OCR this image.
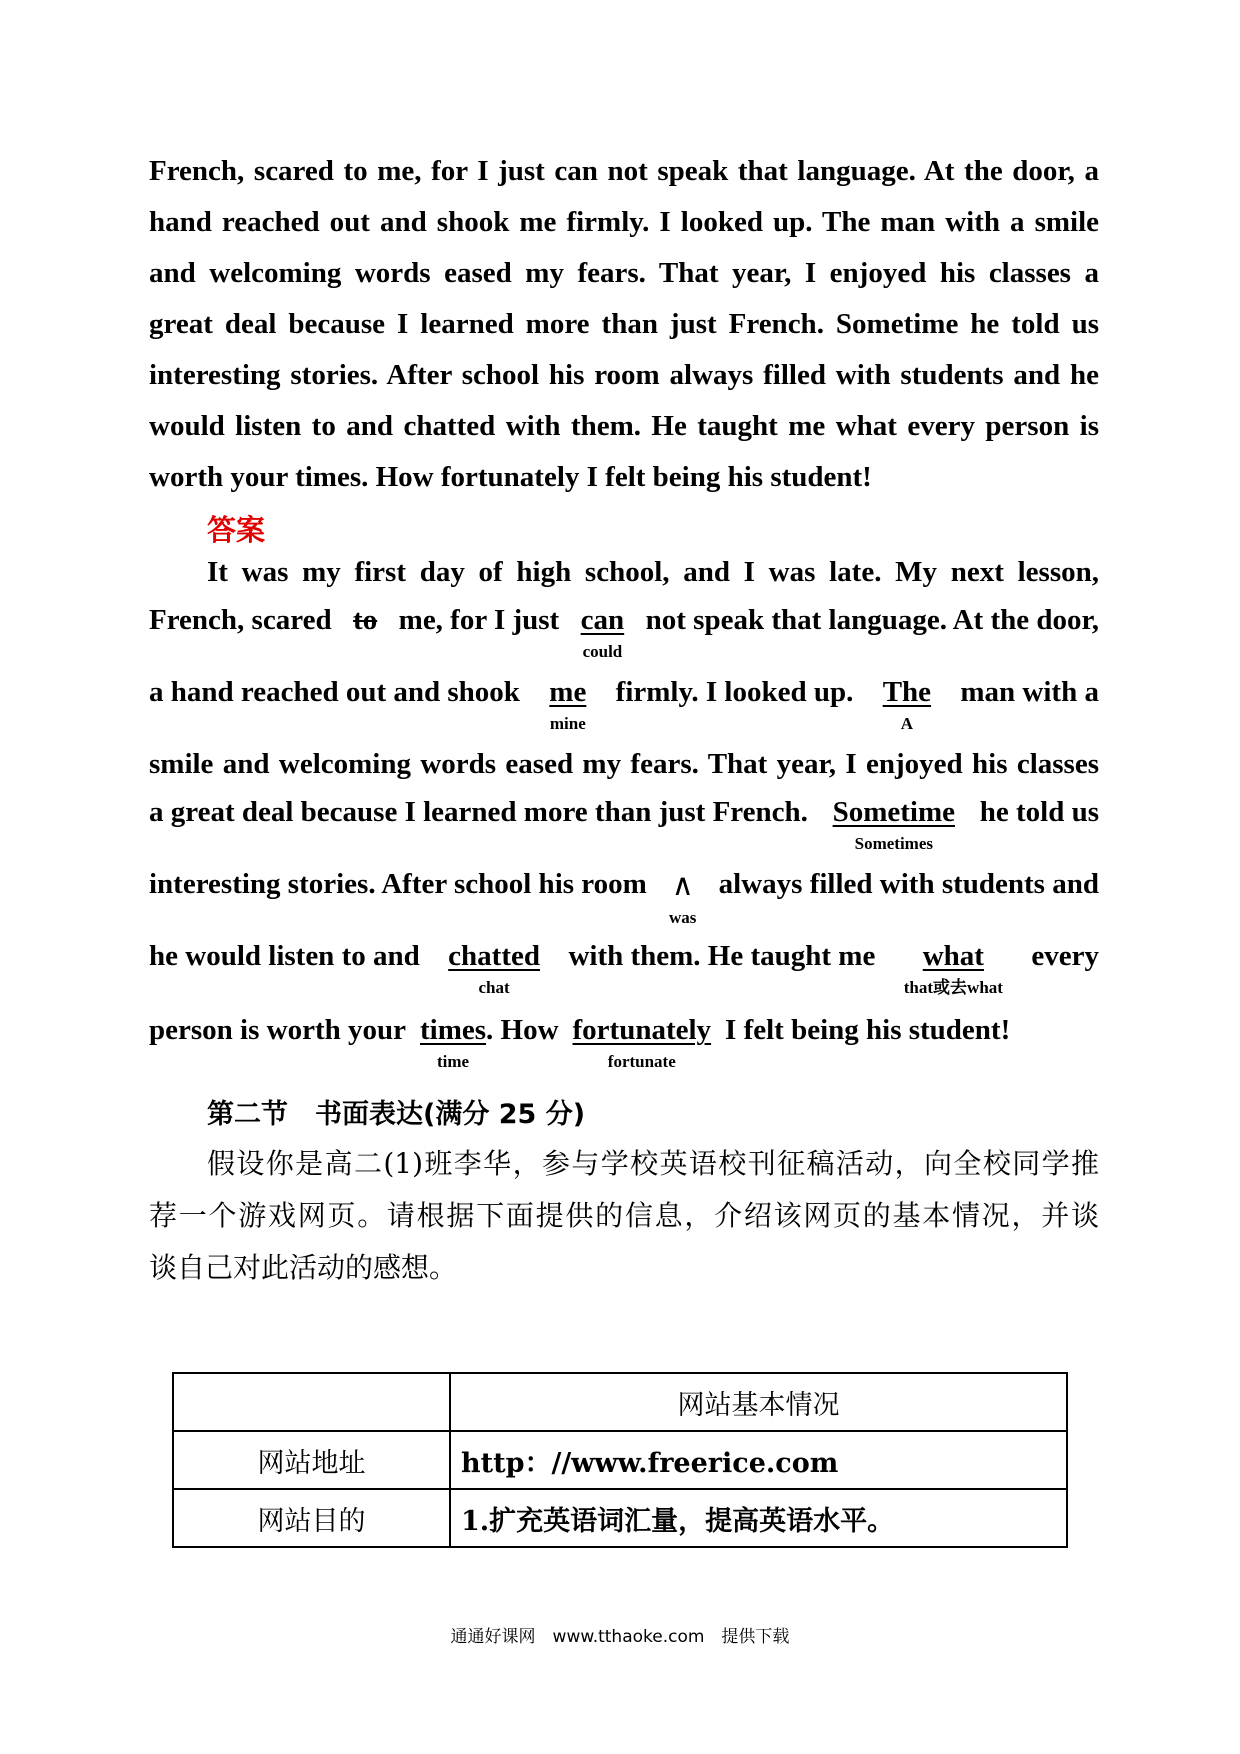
French, scared to me, for I just can not speak that language. At the door, a
hand reached out and shook me firmly. I looked up. The man with a smile
and welcoming words eased my fears. That year, I enjoyed his classes a
great deal because I learned more than just French. Sometime he told us
interesting stories. After school his room always filled with students and he
would listen to and chatted with them. He taught me what every person is
worth your times. How fortunately I felt being his student!

答案
It was my first day of high school, and I was late. My next lesson,
French, scared to me, for I just can
could
not speak that language. At the door,
a hand reached out and shook me
mine
firmly. I looked up. The
A
man with a
smile and welcoming words eased my fears. That year, I enjoyed his classes
a great deal because I learned more than just French. Sometime
Sometimes
he told us
interesting stories. After school his room ∧
was
always filled with students and
he would listen to and chatted
chat
with them. He taught me what
that或去what
every
person is worth your times
time
. How fortunately
fortunate
I felt being his student!
第二节　书面表达(满分 25 分)

假设你是高二(1)班李华，参与学校英语校刊征稿活动，向全校同学推
荐一个游戏网页。请根据下面提供的信息，介绍该网页的基本情况，并谈
谈自己对此活动的感想。

	网站基本情况
网站地址	http：//www.freerice.com
网站目的	1.扩充英语词汇量，提高英语水平。
通通好课网　www.tthaoke.com　提供下载
